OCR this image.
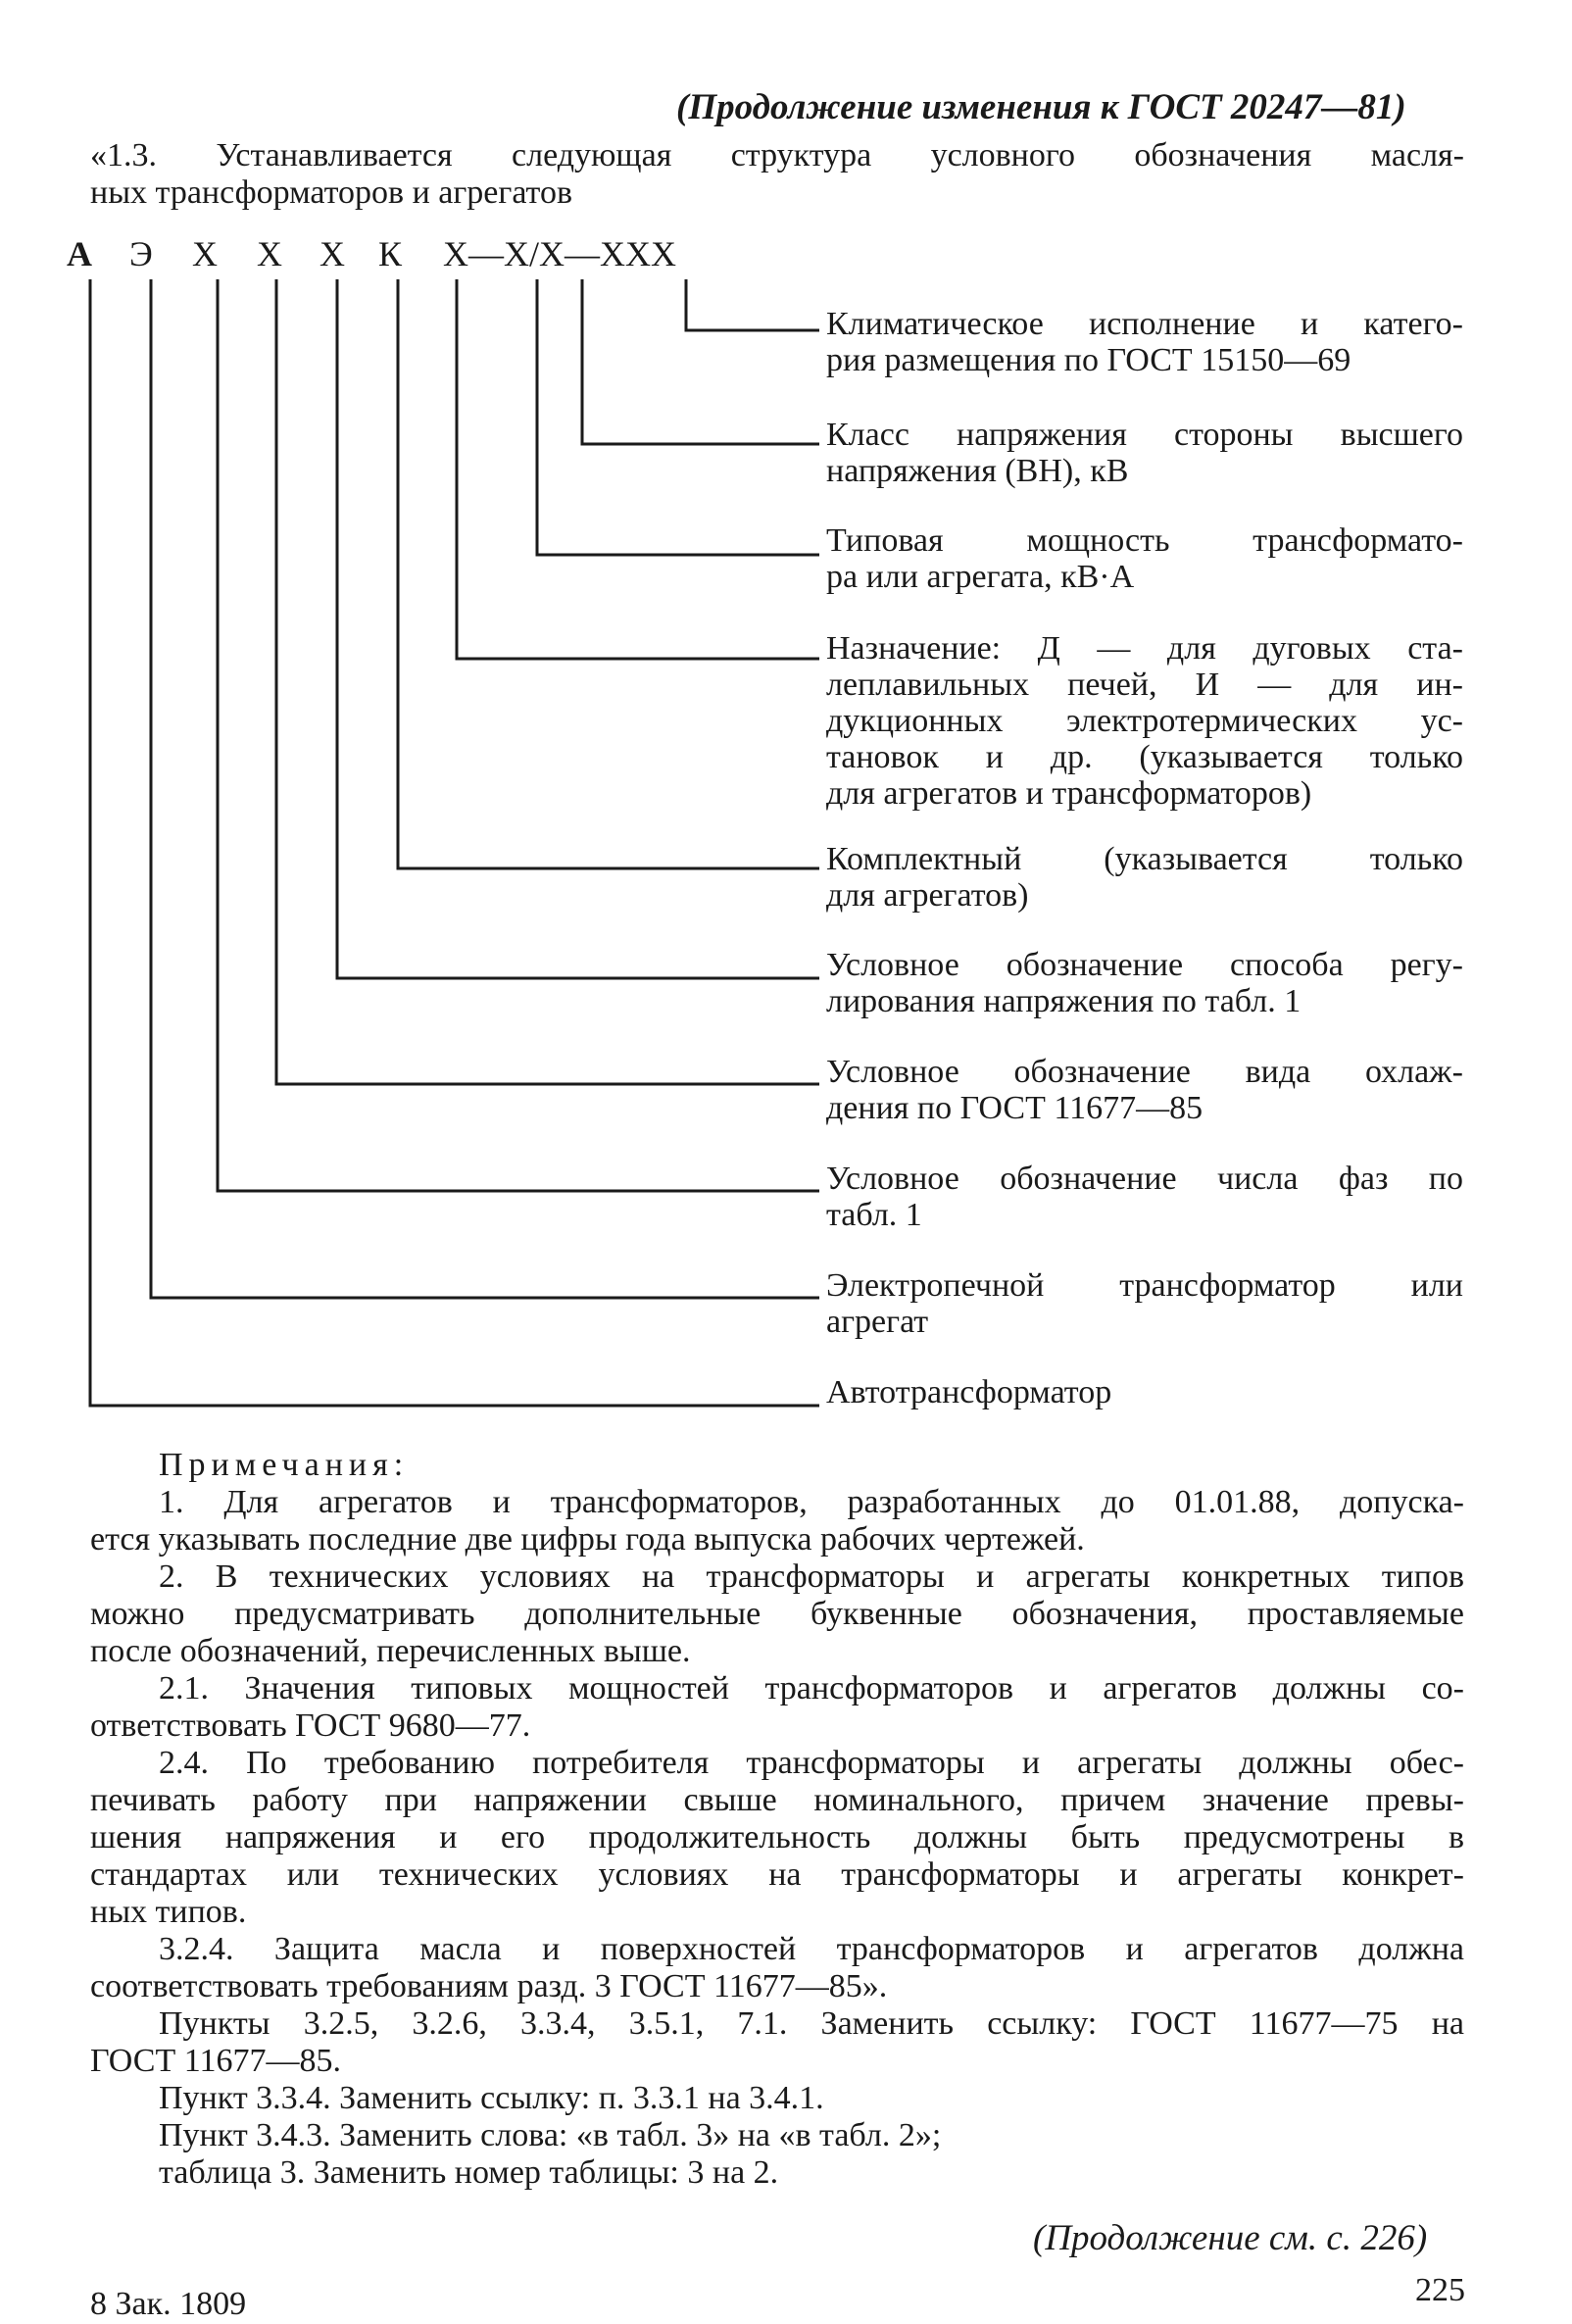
(Продолжение изменения к ГОСТ 20247—81)
«1.3. Устанавливается следующая структура условного обозначения масля-
ных трансформаторов и агрегатов
А Э Х Х Х К Х—Х/Х—ХХХ
Климатическое исполнение и катего-
рия размещения по ГОСТ 15150—69
Класс напряжения стороны высшего
напряжения (ВН), кВ
Типовая мощность трансформато-
ра или агрегата, кВ·А
Назначение: Д — для дуговых ста-
леплавильных печей, И — для ин-
дукционных электротермических ус-
тановок и др. (указывается только
для агрегатов и трансформаторов)
Комплектный (указывается только
для агрегатов)
Условное обозначение способа регу-
лирования напряжения по табл. 1
Условное обозначение вида охлаж-
дения по ГОСТ 11677—85
Условное обозначение числа фаз по
табл. 1
Электропечной трансформатор или
агрегат
Автотрансформатор
Примечания:
1. Для агрегатов и трансформаторов, разработанных до 01.01.88, допуска-
ется указывать последние две цифры года выпуска рабочих чертежей.
2. В технических условиях на трансформаторы и агрегаты конкретных типов
можно предусматривать дополнительные буквенные обозначения, проставляемые
после обозначений, перечисленных выше.
2.1. Значения типовых мощностей трансформаторов и агрегатов должны со-
ответствовать ГОСТ 9680—77.
2.4. По требованию потребителя трансформаторы и агрегаты должны обес-
печивать работу при напряжении свыше номинального, причем значение превы-
шения напряжения и его продолжительность должны быть предусмотрены в
стандартах или технических условиях на трансформаторы и агрегаты конкрет-
ных типов.
3.2.4. Защита масла и поверхностей трансформаторов и агрегатов должна
соответствовать требованиям разд. 3 ГОСТ 11677—85».
Пункты 3.2.5, 3.2.6, 3.3.4, 3.5.1, 7.1. Заменить ссылку: ГОСТ 11677—75 на
ГОСТ 11677—85.
Пункт 3.3.4. Заменить ссылку: п. 3.3.1 на 3.4.1.
Пункт 3.4.3. Заменить слова: «в табл. 3» на «в табл. 2»;
таблица 3. Заменить номер таблицы: 3 на 2.
(Продолжение см. с. 226)
8 Зак. 1809	225
